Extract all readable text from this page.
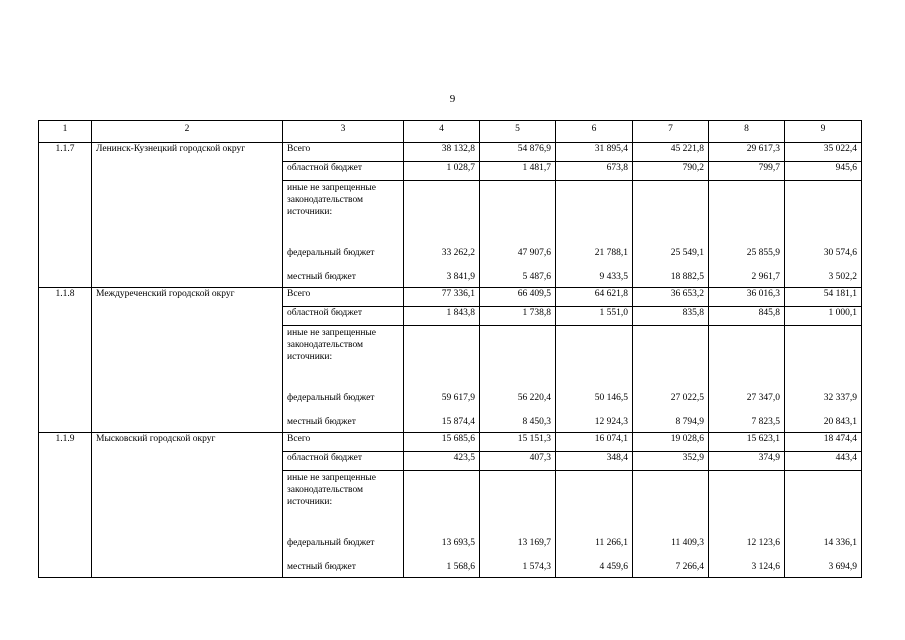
9
1	2	3	4	5	6	7	8	9
1.1.7	Ленинск-Кузнецкий городской округ	Всего	38 132,8	54 876,9	31 895,4	45 221,8	29 617,3	35 022,4
		областной бюджет	1 028,7	1 481,7	673,8	790,2	799,7	945,6
		иные не запрещенные законодательством источники:						
		федеральный бюджет	33 262,2	47 907,6	21 788,1	25 549,1	25 855,9	30 574,6
		местный бюджет	3 841,9	5 487,6	9 433,5	18 882,5	2 961,7	3 502,2
1.1.8	Междуреченский городской округ	Всего	77 336,1	66 409,5	64 621,8	36 653,2	36 016,3	54 181,1
		областной бюджет	1 843,8	1 738,8	1 551,0	835,8	845,8	1 000,1
		иные не запрещенные законодательством источники:						
		федеральный бюджет	59 617,9	56 220,4	50 146,5	27 022,5	27 347,0	32 337,9
		местный бюджет	15 874,4	8 450,3	12 924,3	8 794,9	7 823,5	20 843,1
1.1.9	Мысковский городской округ	Всего	15 685,6	15 151,3	16 074,1	19 028,6	15 623,1	18 474,4
		областной бюджет	423,5	407,3	348,4	352,9	374,9	443,4
		иные не запрещенные законодательством источники:						
		федеральный бюджет	13 693,5	13 169,7	11 266,1	11 409,3	12 123,6	14 336,1
		местный бюджет	1 568,6	1 574,3	4 459,6	7 266,4	3 124,6	3 694,9
